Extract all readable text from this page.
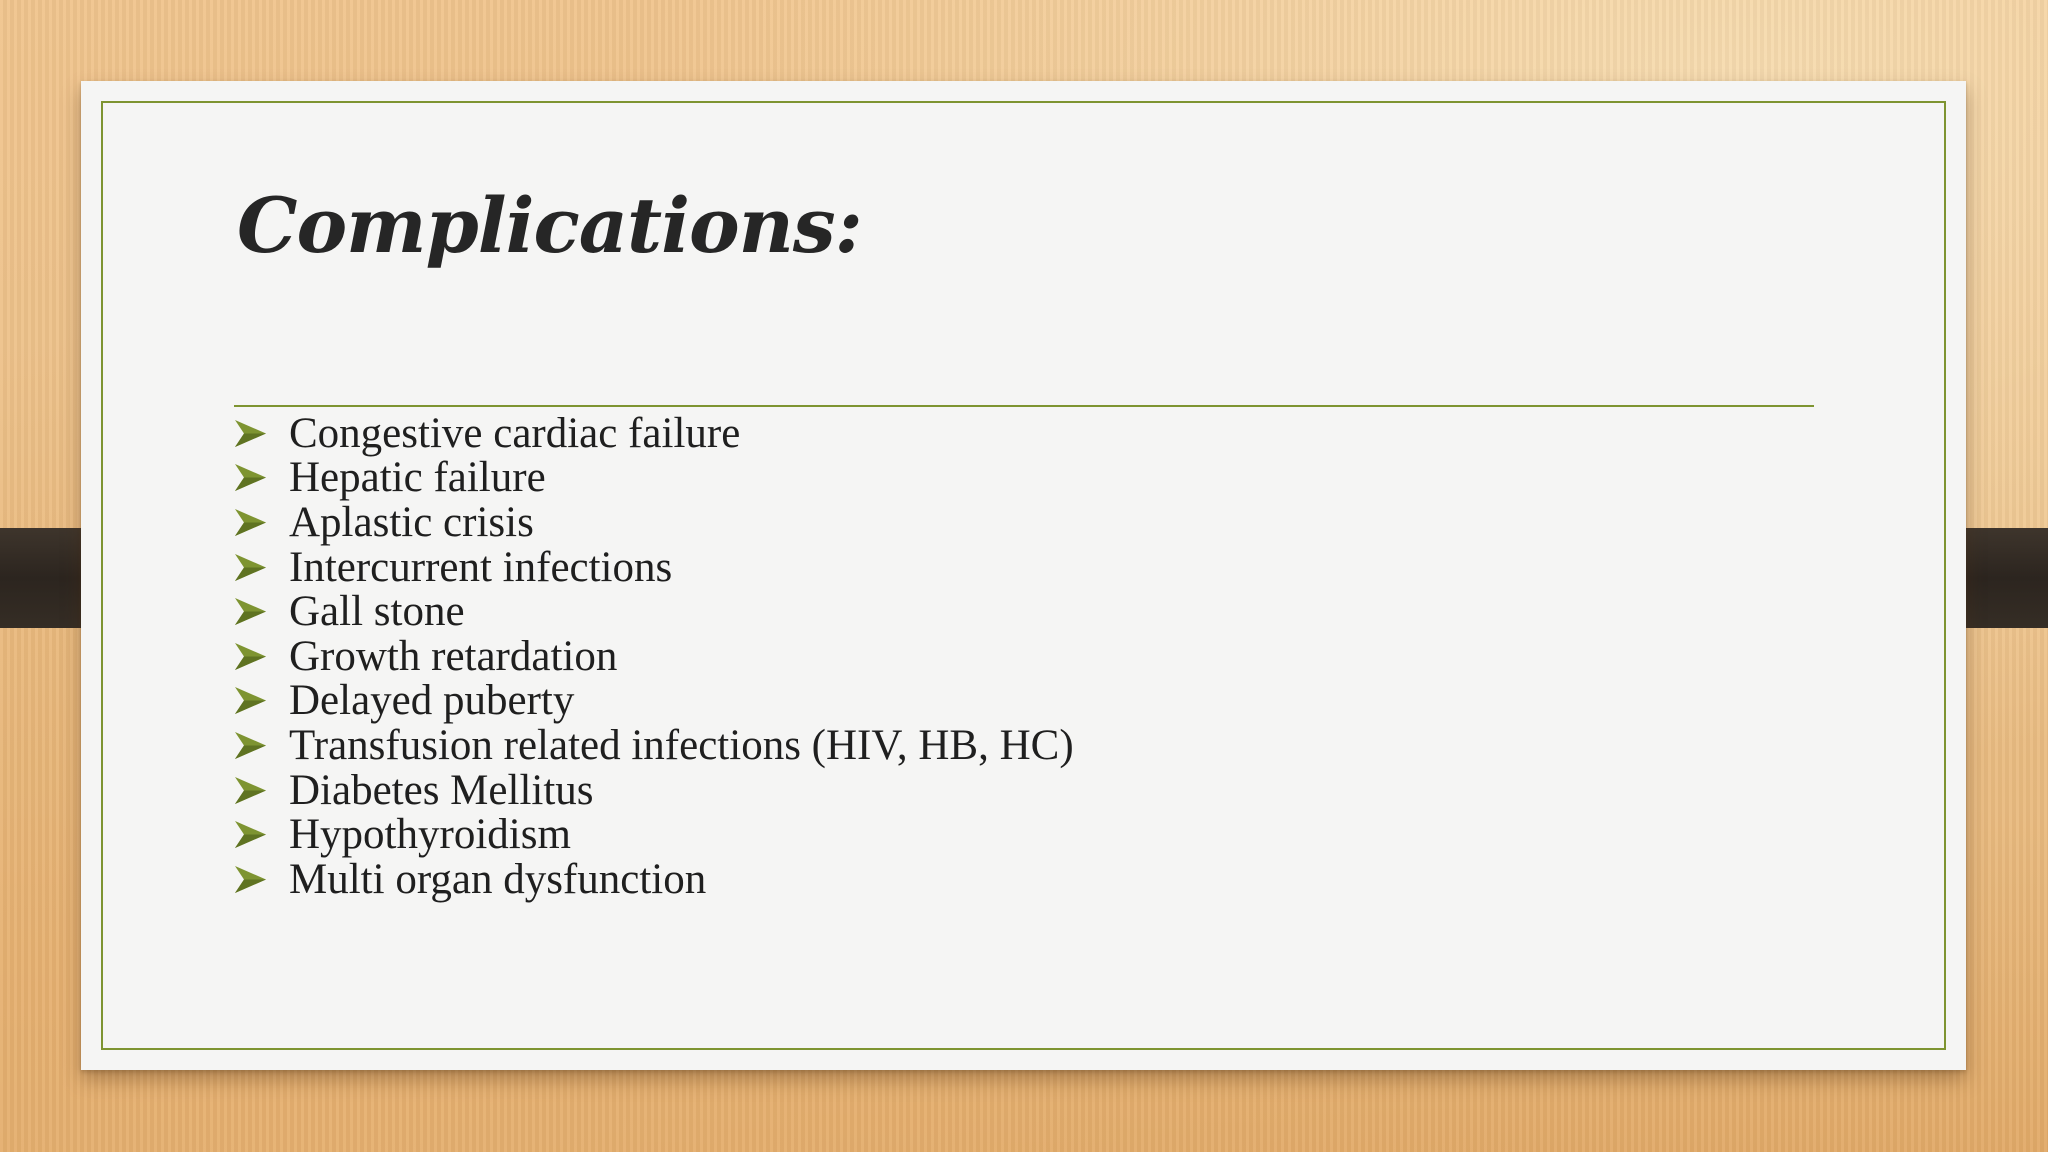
Complications:
Congestive cardiac failure
Hepatic failure
Aplastic crisis
Intercurrent infections
Gall stone
Growth retardation
Delayed puberty
Transfusion related infections (HIV, HB, HC)
Diabetes Mellitus
Hypothyroidism
Multi organ dysfunction
